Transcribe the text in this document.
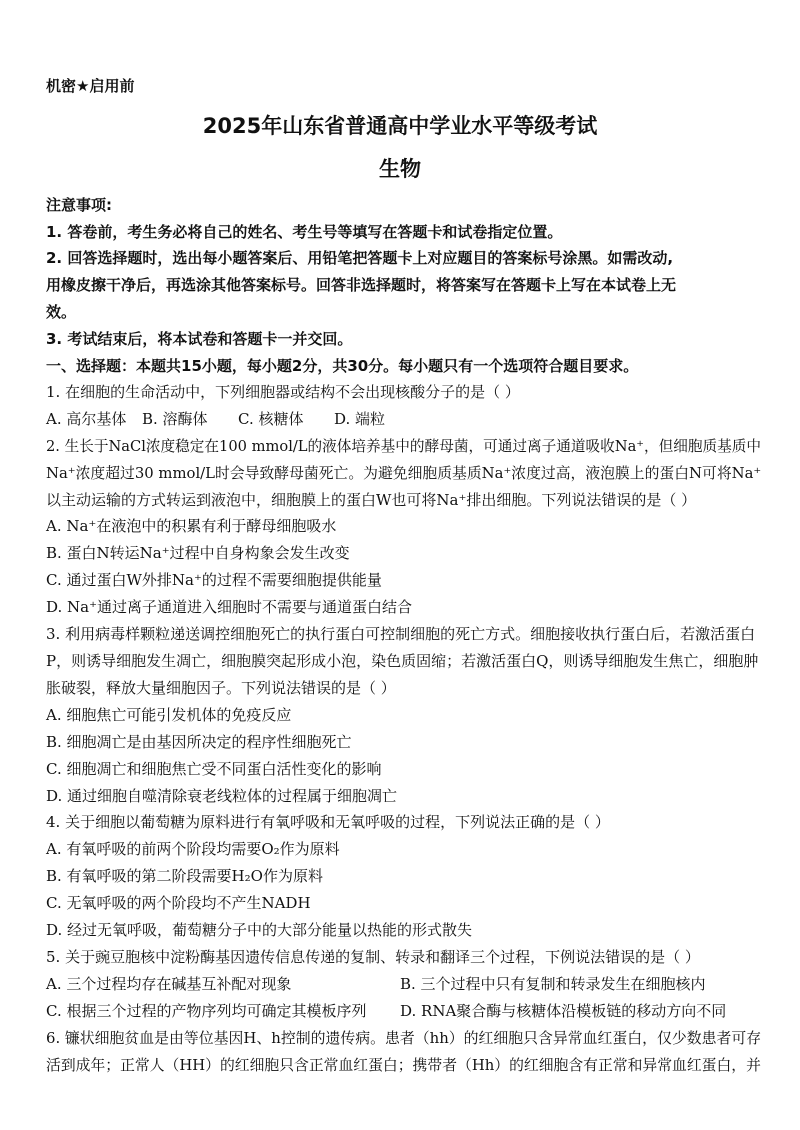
机密★启用前
2025年山东省普通高中学业水平等级考试
生物
注意事项:
1. 答卷前，考生务必将自己的姓名、考生号等填写在答题卡和试卷指定位置。
2. 回答选择题时，选出每小题答案后、用铅笔把答题卡上对应题目的答案标号涂黑。如需改动,
用橡皮擦干净后，再选涂其他答案标号。回答非选择题时，将答案写在答题卡上写在本试卷上无
效。
3. 考试结束后，将本试卷和答题卡一并交回。
一、选择题：本题共15小题，每小题2分，共30分。每小题只有一个选项符合题目要求。
1. 在细胞的生命活动中，下列细胞器或结构不会出现核酸分子的是（ ）
A. 高尔基体 B. 溶酶体 C. 核糖体 D. 端粒
2. 生长于NaCl浓度稳定在100 mmol/L的液体培养基中的酵母菌，可通过离子通道吸收Na⁺，但细胞质基质中
Na⁺浓度超过30 mmol/L时会导致酵母菌死亡。为避免细胞质基质Na⁺浓度过高，液泡膜上的蛋白N可将Na⁺
以主动运输的方式转运到液泡中，细胞膜上的蛋白W也可将Na⁺排出细胞。下列说法错误的是（ ）
A. Na⁺在液泡中的积累有利于酵母细胞吸水
B. 蛋白N转运Na⁺过程中自身构象会发生改变
C. 通过蛋白W外排Na⁺的过程不需要细胞提供能量
D. Na⁺通过离子通道进入细胞时不需要与通道蛋白结合
3. 利用病毒样颗粒递送调控细胞死亡的执行蛋白可控制细胞的死亡方式。细胞接收执行蛋白后，若激活蛋白
P，则诱导细胞发生凋亡，细胞膜突起形成小泡，染色质固缩；若激活蛋白Q，则诱导细胞发生焦亡，细胞肿
胀破裂，释放大量细胞因子。下列说法错误的是（ ）
A. 细胞焦亡可能引发机体的免疫反应
B. 细胞凋亡是由基因所决定的程序性细胞死亡
C. 细胞凋亡和细胞焦亡受不同蛋白活性变化的影响
D. 通过细胞自噬清除衰老线粒体的过程属于细胞凋亡
4. 关于细胞以葡萄糖为原料进行有氧呼吸和无氧呼吸的过程，下列说法正确的是（ ）
A. 有氧呼吸的前两个阶段均需要O₂作为原料
B. 有氧呼吸的第二阶段需要H₂O作为原料
C. 无氧呼吸的两个阶段均不产生NADH
D. 经过无氧呼吸，葡萄糖分子中的大部分能量以热能的形式散失
5. 关于豌豆胞核中淀粉酶基因遗传信息传递的复制、转录和翻译三个过程，下例说法错误的是（ ）
A. 三个过程均存在碱基互补配对现象	B. 三个过程中只有复制和转录发生在细胞核内
C. 根据三个过程的产物序列均可确定其模板序列 D. RNA聚合酶与核糖体沿模板链的移动方向不同
6. 镰状细胞贫血是由等位基因H、h控制的遗传病。患者（hh）的红细胞只含异常血红蛋白，仅少数患者可存
活到成年；正常人（HH）的红细胞只含正常血红蛋白；携带者（Hh）的红细胞含有正常和异常血红蛋白，并
